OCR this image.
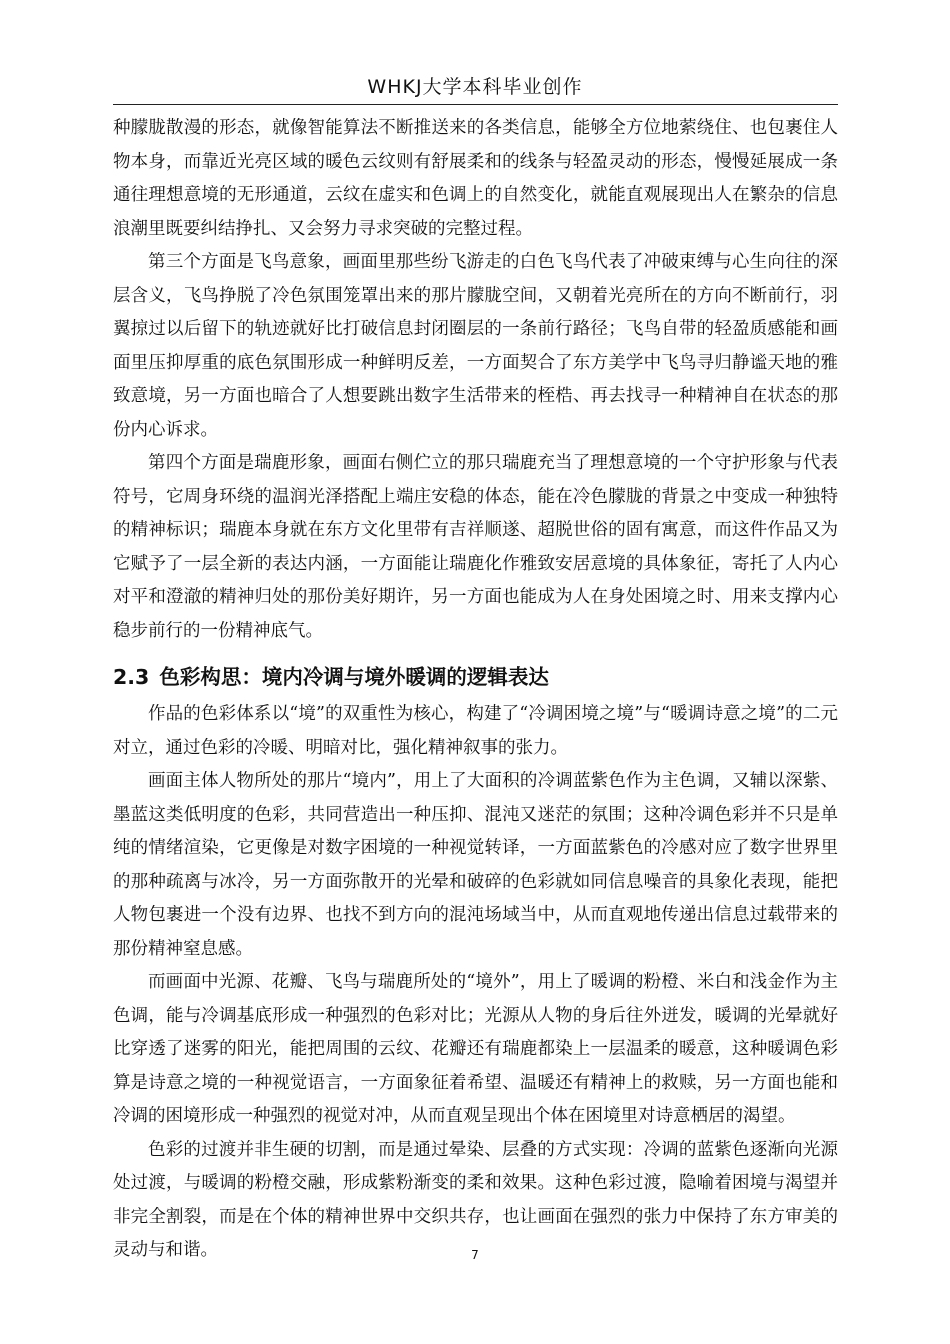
WHKJ大学本科毕业创作

种朦胧散漫的形态，就像智能算法不断推送来的各类信息，能够全方位地萦绕住、也包裹住人物本身，而靠近光亮区域的暖色云纹则有舒展柔和的线条与轻盈灵动的形态，慢慢延展成一条通往理想意境的无形通道，云纹在虚实和色调上的自然变化，就能直观展现出人在繁杂的信息浪潮里既要纠结挣扎、又会努力寻求突破的完整过程。

第三个方面是飞鸟意象，画面里那些纷飞游走的白色飞鸟代表了冲破束缚与心生向往的深层含义，飞鸟挣脱了冷色氛围笼罩出来的那片朦胧空间，又朝着光亮所在的方向不断前行，羽翼掠过以后留下的轨迹就好比打破信息封闭圈层的一条前行路径；飞鸟自带的轻盈质感能和画面里压抑厚重的底色氛围形成一种鲜明反差，一方面契合了东方美学中飞鸟寻归静谧天地的雅致意境，另一方面也暗合了人想要跳出数字生活带来的桎梏、再去找寻一种精神自在状态的那份内心诉求。

第四个方面是瑞鹿形象，画面右侧伫立的那只瑞鹿充当了理想意境的一个守护形象与代表符号，它周身环绕的温润光泽搭配上端庄安稳的体态，能在冷色朦胧的背景之中变成一种独特的精神标识；瑞鹿本身就在东方文化里带有吉祥顺遂、超脱世俗的固有寓意，而这件作品又为它赋予了一层全新的表达内涵，一方面能让瑞鹿化作雅致安居意境的具体象征，寄托了人内心对平和澄澈的精神归处的那份美好期许，另一方面也能成为人在身处困境之时、用来支撑内心稳步前行的一份精神底气。

2.3 色彩构思：境内冷调与境外暖调的逻辑表达

作品的色彩体系以“境”的双重性为核心，构建了“冷调困境之境”与“暖调诗意之境”的二元对立，通过色彩的冷暖、明暗对比，强化精神叙事的张力。

画面主体人物所处的那片“境内”，用上了大面积的冷调蓝紫色作为主色调，又辅以深紫、墨蓝这类低明度的色彩，共同营造出一种压抑、混沌又迷茫的氛围；这种冷调色彩并不只是单纯的情绪渲染，它更像是对数字困境的一种视觉转译，一方面蓝紫色的冷感对应了数字世界里的那种疏离与冰冷，另一方面弥散开的光晕和破碎的色彩就如同信息噪音的具象化表现，能把人物包裹进一个没有边界、也找不到方向的混沌场域当中，从而直观地传递出信息过载带来的那份精神窒息感。

而画面中光源、花瓣、飞鸟与瑞鹿所处的“境外”，用上了暖调的粉橙、米白和浅金作为主色调，能与冷调基底形成一种强烈的色彩对比；光源从人物的身后往外迸发，暖调的光晕就好比穿透了迷雾的阳光，能把周围的云纹、花瓣还有瑞鹿都染上一层温柔的暖意，这种暖调色彩算是诗意之境的一种视觉语言，一方面象征着希望、温暖还有精神上的救赎，另一方面也能和冷调的困境形成一种强烈的视觉对冲，从而直观呈现出个体在困境里对诗意栖居的渴望。

色彩的过渡并非生硬的切割，而是通过晕染、层叠的方式实现：冷调的蓝紫色逐渐向光源处过渡，与暖调的粉橙交融，形成紫粉渐变的柔和效果。这种色彩过渡，隐喻着困境与渴望并非完全割裂，而是在个体的精神世界中交织共存，也让画面在强烈的张力中保持了东方审美的灵动与和谐。	7
